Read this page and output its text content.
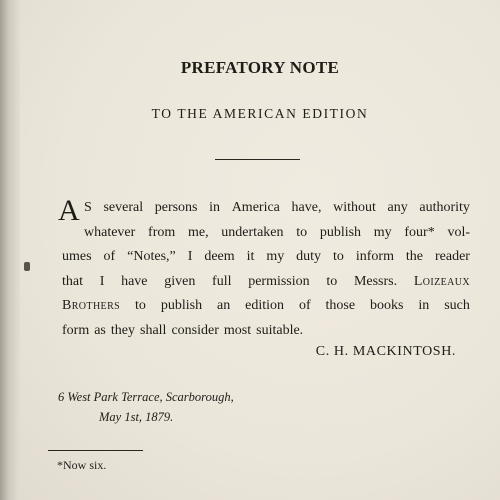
PREFATORY NOTE
TO THE AMERICAN EDITION
A S several persons in America have, without any authority
whatever from me, undertaken to publish my four* vol-
umes of “Notes,” I deem it my duty to inform the reader
that I have given full permission to Messrs. Loizeaux
Brothers to publish an edition of those books in such
form as they shall consider most suitable.
C. H. MACKINTOSH.
6 West Park Terrace, Scarborough,
May 1st, 1879.
*Now six.
